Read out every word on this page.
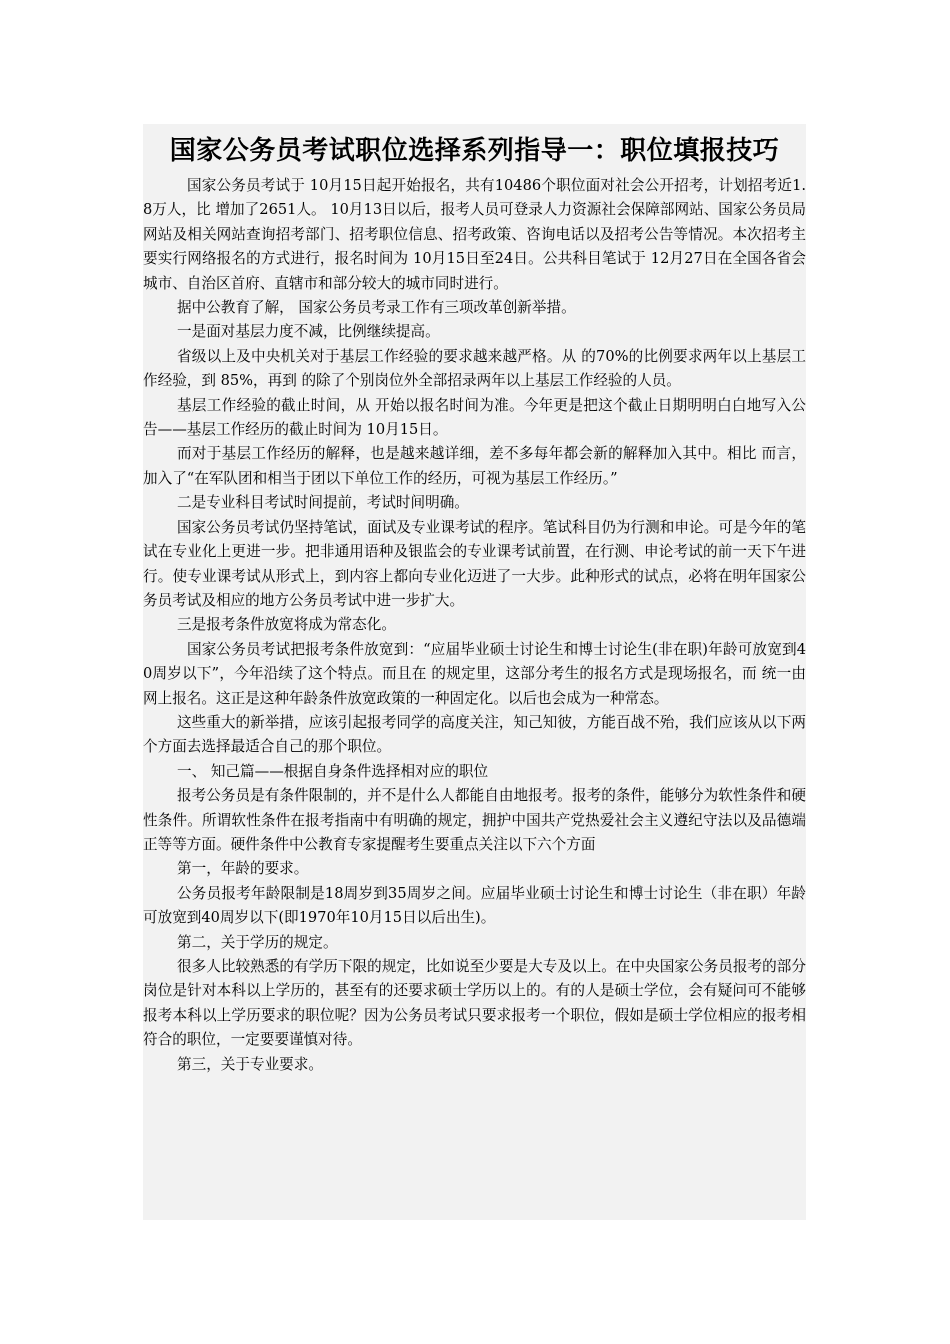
国家公务员考试职位选择系列指导一：职位填报技巧

国家公务员考试于 10月15日起开始报名，共有10486个职位面对社会公开招考，计划招考近1.8万人，比 增加了2651人。 10月13日以后，报考人员可登录人力资源社会保障部网站、国家公务员局网站及相关网站查询招考部门、招考职位信息、招考政策、咨询电话以及招考公告等情况。本次招考主要实行网络报名的方式进行，报名时间为 10月15日至24日。公共科目笔试于 12月27日在全国各省会城市、自治区首府、直辖市和部分较大的城市同时进行。

据中公教育了解， 国家公务员考录工作有三项改革创新举措。

一是面对基层力度不减，比例继续提高。

省级以上及中央机关对于基层工作经验的要求越来越严格。从 的70%的比例要求两年以上基层工作经验，到 85%，再到 的除了个别岗位外全部招录两年以上基层工作经验的人员。

基层工作经验的截止时间，从 开始以报名时间为准。今年更是把这个截止日期明明白白地写入公告——基层工作经历的截止时间为 10月15日。

而对于基层工作经历的解释，也是越来越详细，差不多每年都会新的解释加入其中。相比 而言， 加入了“在军队团和相当于团以下单位工作的经历，可视为基层工作经历。”

二是专业科目考试时间提前，考试时间明确。

国家公务员考试仍坚持笔试，面试及专业课考试的程序。笔试科目仍为行测和申论。可是今年的笔试在专业化上更进一步。把非通用语种及银监会的专业课考试前置，在行测、申论考试的前一天下午进行。使专业课考试从形式上，到内容上都向专业化迈进了一大步。此种形式的试点，必将在明年国家公务员考试及相应的地方公务员考试中进一步扩大。

三是报考条件放宽将成为常态化。

国家公务员考试把报考条件放宽到：“应届毕业硕士讨论生和博士讨论生(非在职)年龄可放宽到40周岁以下”，今年沿续了这个特点。而且在 的规定里，这部分考生的报名方式是现场报名，而 统一由网上报名。这正是这种年龄条件放宽政策的一种固定化。以后也会成为一种常态。

这些重大的新举措，应该引起报考同学的高度关注，知己知彼，方能百战不殆，我们应该从以下两个方面去选择最适合自己的那个职位。

一、 知己篇——根据自身条件选择相对应的职位

报考公务员是有条件限制的，并不是什么人都能自由地报考。报考的条件，能够分为软性条件和硬性条件。所谓软性条件在报考指南中有明确的规定，拥护中国共产党热爱社会主义遵纪守法以及品德端正等等方面。硬件条件中公教育专家提醒考生要重点关注以下六个方面

第一，年龄的要求。

公务员报考年龄限制是18周岁到35周岁之间。应届毕业硕士讨论生和博士讨论生（非在职）年龄可放宽到40周岁以下(即1970年10月15日以后出生)。

第二，关于学历的规定。

很多人比较熟悉的有学历下限的规定，比如说至少要是大专及以上。在中央国家公务员报考的部分岗位是针对本科以上学历的，甚至有的还要求硕士学历以上的。有的人是硕士学位，会有疑问可不能够报考本科以上学历要求的职位呢？因为公务员考试只要求报考一个职位，假如是硕士学位相应的报考相符合的职位，一定要要谨慎对待。

第三，关于专业要求。
